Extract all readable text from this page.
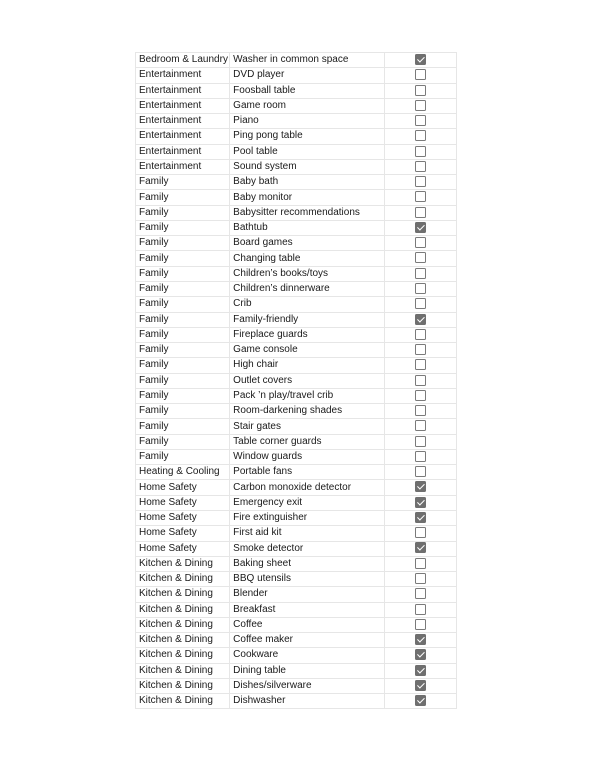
Bedroom & Laundry	Washer in common space	
Entertainment	DVD player	
Entertainment	Foosball table	
Entertainment	Game room	
Entertainment	Piano	
Entertainment	Ping pong table	
Entertainment	Pool table	
Entertainment	Sound system	
Family	Baby bath	
Family	Baby monitor	
Family	Babysitter recommendations	
Family	Bathtub	
Family	Board games	
Family	Changing table	
Family	Children’s books/toys	
Family	Children’s dinnerware	
Family	Crib	
Family	Family-friendly	
Family	Fireplace guards	
Family	Game console	
Family	High chair	
Family	Outlet covers	
Family	Pack ’n play/travel crib	
Family	Room-darkening shades	
Family	Stair gates	
Family	Table corner guards	
Family	Window guards	
Heating & Cooling	Portable fans	
Home Safety	Carbon monoxide detector	
Home Safety	Emergency exit	
Home Safety	Fire extinguisher	
Home Safety	First aid kit	
Home Safety	Smoke detector	
Kitchen & Dining	Baking sheet	
Kitchen & Dining	BBQ utensils	
Kitchen & Dining	Blender	
Kitchen & Dining	Breakfast	
Kitchen & Dining	Coffee	
Kitchen & Dining	Coffee maker	
Kitchen & Dining	Cookware	
Kitchen & Dining	Dining table	
Kitchen & Dining	Dishes/silverware	
Kitchen & Dining	Dishwasher	
